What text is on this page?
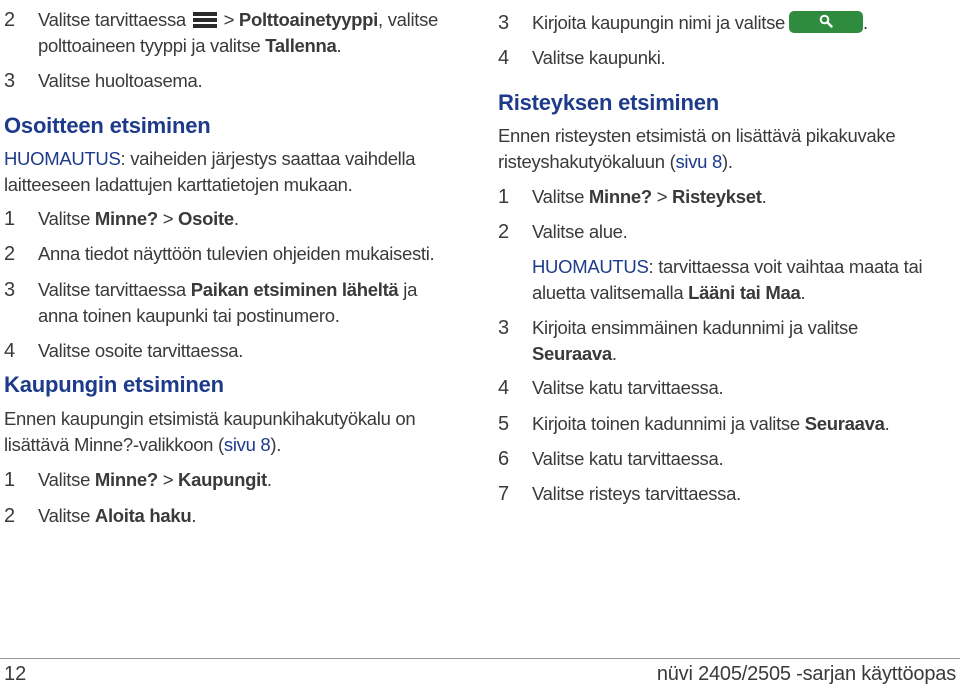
2 Valitse tarvittaessa
> Polttoainetyyppi, valitse
polttoaineen tyyppi ja valitse Tallenna.
3 Valitse huoltoasema.
Osoitteen etsiminen
HUOMAUTUS: vaiheiden järjestys saattaa vaihdella
laitteeseen ladattujen karttatietojen mukaan.
1 Valitse Minne? > Osoite.
2 Anna tiedot näyttöön tulevien ohjeiden mukaisesti.
3 Valitse tarvittaessa Paikan etsiminen läheltä ja
anna toinen kaupunki tai postinumero.
4 Valitse osoite tarvittaessa.
Kaupungin etsiminen
Ennen kaupungin etsimistä kaupunkihakutyökalu on
lisättävä Minne?-valikkoon (sivu 8).
1 Valitse Minne? > Kaupungit.
2 Valitse Aloita haku.
3 Kirjoita kaupungin nimi ja valitse	.
4 Valitse kaupunki.
Risteyksen etsiminen
Ennen risteysten etsimistä on lisättävä pikakuvake
risteyshakutyökaluun (sivu 8).
1 Valitse Minne? > Risteykset.
2 Valitse alue.
HUOMAUTUS: tarvittaessa voit vaihtaa maata tai
aluetta valitsemalla Lääni tai Maa.
3 Kirjoita ensimmäinen kadunnimi ja valitse
Seuraava.
4 Valitse katu tarvittaessa.
5 Kirjoita toinen kadunnimi ja valitse Seuraava.
6 Valitse katu tarvittaessa.
7 Valitse risteys tarvittaessa.
12	nüvi 2405/2505 -sarjan käyttöopas
